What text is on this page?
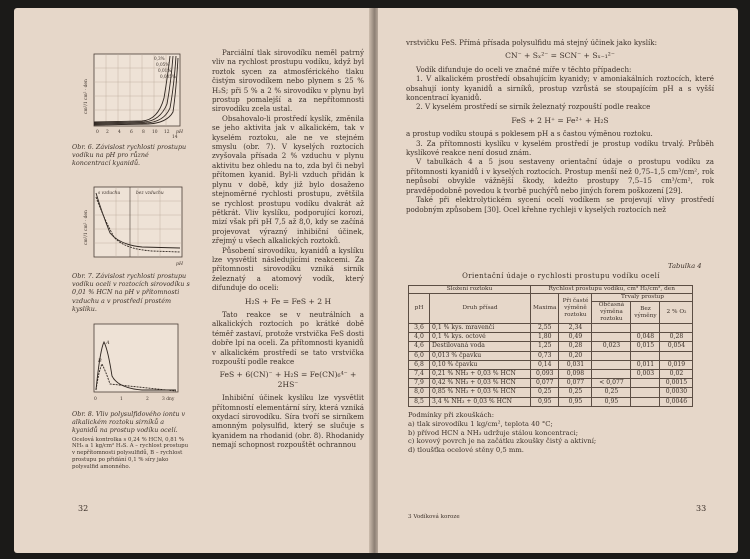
0,3%
0,05%
0,01%
0,005%
0 2 4 6 8 10 12
14
pH
cm³/1 cm² · den
Obr. 6. Závislost rychlosti prostupu vodíku na pH pro různé koncentrací kyanidů.
s vzduchu	bez vzduchu
pH
cm³/1 cm² · den
Obr. 7. Závislost rychlosti prostupu vodíku oceli v roztocích sirovodíku s 0,01 % HCN na pH v přítomnosti vzduchu a v prostředí prostém kyslíku.
A
B
0	1	2	3 dny
Obr. 8. Vliv polysulfidového iontu v alkalickém roztoku sirníků a kyanidů na prostup vodíku ocelí.
Ocelová kontrolka s 0,24 % HCN, 0,81 % NH₃ a 1 kg/cm² H₂S. A – rychlost prostupu v nepřítomnosti polysulfidů, B – rychlost prostupu po přidání 0,1 % síry jako polysulfid amonného.

Parciální tlak sirovodíku neměl patrný vliv na rychlost prostupu vodíku, když byl roztok sycen za atmosférického tlaku čistým sirovodíkem nebo plynem s 25 % H₂S; při 5 % a 2 % sirovodíku v plynu byl prostup pomalejší a za nepřítomnosti sirovodíku zcela ustal.

Obsahovalo-li prostředí kyslík, změnila se jeho aktivita jak v alkalickém, tak v kyselém roztoku, ale ne ve stejném smyslu (obr. 7). V kyselých roztocích zvyšovala přísada 2 % vzduchu v plynu aktivitu bez ohledu na to, zda byl či nebyl přítomen kyanid. Byl-li vzduch přidán k plynu v době, kdy již bylo dosaženo stejnoměrné rychlosti prostupu, zvětšila se rychlost prostupu vodíku dvakrát až pětkrát. Vliv kyslíku, podporující korozi, mizí však při pH 7,5 až 8,0, kdy se začíná projevovat výrazný inhibiční účinek, zřejmý u všech alkalických roztoků.

Působení sirovodíku, kyanidů a kyslíku lze vysvětlit následujícími reakcemi. Za přítomnosti sirovodíku vzniká sirník železnatý a atomový vodík, který difunduje do oceli:

H₂S + Fe = FeS + 2 H

Tato reakce se v neutrálních a alkalických roztocích po krátké době téměř zastaví, protože vrstvička FeS dosti dobře lpí na oceli. Za přítomnosti kyanidů v alkalickém prostředí se tato vrstvička rozpouští podle reakce

FeS + 6(CN)⁻ + H₂S = Fe(CN)₆⁴⁻ + 2HS⁻

Inhibiční účinek kyslíku lze vysvětlit přítomností elementární síry, která vzniká oxydací sirovodíku. Síra tvoří se sirníkem amonným polysulfid, který se slučuje s kyanidem na rhodanid (obr. 8). Rhodanidy nemají schopnost rozpouštět ochrannou

32

vrstvičku FeS. Přímá přísada polysulfidu má stejný účinek jako kyslík:

CN⁻ + Sₓ²⁻ = SCN⁻ + Sₓ₋₁²⁻

Vodík difunduje do oceli ve značné míře v těchto případech:

1. V alkalickém prostředí obsahujícím kyanidy; v amoniakálních roztocích, které obsahují ionty kyanidů a sirníků, prostup vzrůstá se stoupajícím pH a s vyšší koncentrací kyanidů.

2. V kyselém prostředí se sirník železnatý rozpouští podle reakce

FeS + 2 H⁺ = Fe²⁺ + H₂S

a prostup vodíku stoupá s poklesem pH a s častou výměnou roztoku.

3. Za přítomnosti kyslíku v kyselém prostředí je prostup vodíku trvalý. Průběh kyslíkové reakce není dosud znám.

V tabulkách 4 a 5 jsou sestaveny orientační údaje o prostupu vodíku za přítomnosti kyanidů i v kyselých roztocích. Prostup menší než 0,75–1,5 cm³/cm², rok nepůsobí obvykle vážnější škody, kdežto prostupy 7,5–15 cm³/cm², rok pravděpodobně povedou k tvorbě puchýřů nebo jiných forem poškození [29].

Také při elektrolytickém sycení ocelí vodíkem se projevují vlivy prostředí podobným způsobem [30]. Ocel křehne rychleji v kyselých roztocích než

Tabulka 4
Orientační údaje o rychlosti prostupu vodíku ocelí
Složení roztoku		Rychlost prostupu vodíku, cm³ H₂/cm², den				
pH	Druh přísad	Maxima	Při časté výměně roztoku	Trvalý prostup		
				Občasná výměna roztoku	Bez výměny	2 % O₂
3,6	0,1 % kys. mravenčí	2,55	2,34			
4,0	0,1 % kys. octové	1,80	0,49		0,048	0,28
4,6	Destilovaná voda	1,25	0,28	0,023	0,015	0,054
6,0	0,013 % čpavku	0,73	0,20			
6,8	0,10 % čpavku	0,14	0,031		0,011	0,019
7,4	0,21 % NH₃ + 0,03 % HCN	0,093	0,098		0,003	0,02
7,9	0,42 % NH₃ + 0,03 % HCN	0,077	0,077	< 0,077		0,0015
8,0	0,85 % NH₃ + 0,03 % HCN	0,25	0,25	0,25		0,0030
8,5	3,4 % NH₃ + 0,03 % HCN	0,95	0,95	0,95		0,0046

Podmínky při zkouškách:

a) tlak sirovodíku 1 kg/cm², teplota 40 °C;

b) přívod HCN a NH₃ udržuje stálou koncentraci;

c) kovový povrch je na začátku zkoušky čistý a aktivní;

d) tloušťka ocelové stěny 0,5 mm.

3 Vodíková koroze
33
